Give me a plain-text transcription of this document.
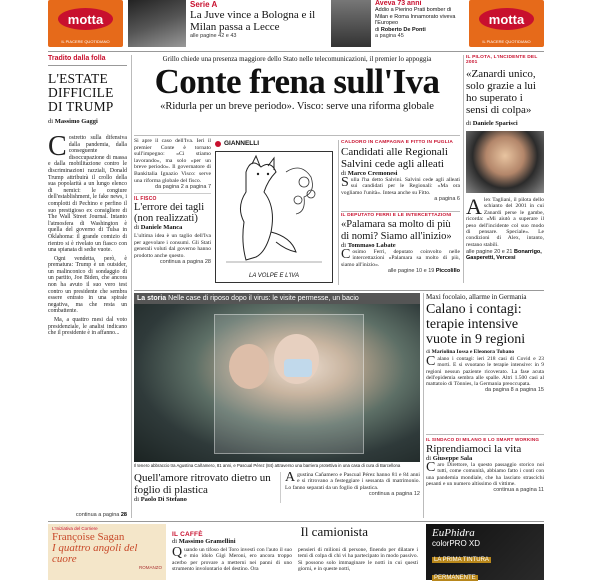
motta
IL PIACERE QUOTIDIANO
Serie A
La Juve vince a Bologna e il Milan passa a Lecce
alle pagine 42 e 43
Aveva 73 anni
Addio a Pierino Prati bomber di Milan e Roma Innamorato viveva l'Europeo
di Roberto De Ponti
a pagina 45
motta
IL PIACERE QUOTIDIANO
Tradito dalla folla
L'ESTATE DIFFICILE DI TRUMP
di Massimo Gaggi
Costretto sulla difensiva dalla pandemia, dalla conseguente disoccupazione di massa e dalla mobilitazione contro le discriminazioni razziali, Donald Trump attribuirà il crollo della sua popolarità a un lungo elenco di nemici: le congiure dell'establishment, le fake news, i complotti di Pechino e perfino il suo prestigioso ex consigliere di The Wall Street Journal. Intanto l'atmosfera di Washington è quella del governo di Tulsa in Oklahoma: il grande comizio di rientro si è rivelato un fiasco con una spianata di sedie vuote.
Ogni vendetta, però, è prematura: Trump è un outsider, un malinconico di sondaggio di un partito, Joe Biden, che ancora non ha avuto il suo vero test contro un presidente che sembra essere entrato in una spirale negativa, ma che resta un combattente.
Ma, a quattro mesi dal voto presidenziale, le analisi indicano che il presidente è in affanno...
continua a pagina 28
Grillo chiede una presenza maggiore dello Stato nelle telecomunicazioni, il premier lo appoggia
Conte frena sull'Iva
«Ridurla per un breve periodo». Visco: serve una riforma globale
IL PILOTA, L'INCIDENTE DEL 2001
«Zanardi unico, solo grazie a lui ho superato i sensi di colpa»
di Daniele Sparisci
Alex Tagliani, il pilota dello schianto del 2001 in cui Zanardi perse le gambe, ricorda: «Mi aiutò a superare il peso dell'incidente col suo modo di pensare. Speciale». Le condizioni di Alex, intanto, restano stabili.
alle pagine 20 e 21 Bonarrigo, Gasperetti, Vercesi
Si apre il caso dell'Iva. Ieri il premier Conte è tornato sull'impegno: «Ci stiamo lavorando», ma solo «per un breve periodo». Il governatore di Bankitalia Ignazio Visco: serve una riforma globale del fisco.
da pagina 2 a pagina 7
IL FISCO
L'errore dei tagli (non realizzati)
di Daniele Manca
L'ultima idea è un taglio dell'Iva per agevolare i consumi. Gli Stati generali voluti dal governo hanno prodotto anche questo.
continua a pagina 28
GIANNELLI
LA VOLPE E L'IVA
CALDORO IN CAMPAGNA E FITTO IN PUGLIA
Candidati alle Regionali Salvini cede agli alleati
di Marco Cremonesi
Sulla l'ha detto Salvini. Salvini cede agli alleati sui candidati per le Regionali: «Ma ora vogliamo l'unità». Intesa anche su Fitto.
a pagina 6
IL DEPUTATO FERRI E LE INTERCETTAZIONI
«Palamara sa molto di più di nomi? Siamo all'inizio»
di Tommaso Labate
Cosimo Ferri, deputato coinvolto nelle intercettazioni «Palamara sa molto di più, siamo all'inizio».
alle pagine 10 e 19 Piccolillo
La storia Nelle case di riposo dopo il virus: le visite permesse, un bacio
Il tenero abbraccio tra Agustina Cañamero, 81 anni, e Pascual Pérez (84) attraverso una barriera protettiva in una casa di cura di Barcellona
Quell'amore ritrovato dietro un foglio di plastica
di Paolo Di Stefano
Agustina Cañamero e Pascual Pérez hanno 81 e 84 anni e si ritrovano a festeggiare i sessanta di matrimonio. Lo fanno separati da un foglio di plastica.
continua a pagina 12
Maxi focolaio, allarme in Germania
Calano i contagi: terapie intensive vuote in 9 regioni
di Mariolina Iossa e Eleonora Tubano
Calano i contagi: ieri 218 casi di Covid e 23 morti. E si svuotano le terapie intensive: in 9 regioni nessun paziente ricoverato. La fase acuta dell'epidemia sembra alle spalle. Altri 1.500 casi al mattatoio di Tönnies, la Germania preoccupata.
da pagina 8 a pagina 15
IL SINDACO DI MILANO E LO SMART WORKING
Riprendiamoci la vita
di Giuseppe Sala
Caro Direttore, la questo passaggio storico noi tutti, come comunità, abbiamo fatto i conti con una pandemia mondiale, che ha lasciato strascichi pesanti e un numero altissimo di vittime.
continua a pagina 11
L'Iniziativa del Corriere
Françoise Sagan
I quattro angoli del cuore
ROMANZO
IL CAFFÈ
di Massimo Gramellini
Il camionista
Quando un tifoso del Toro investì con l'auto il suo e mio idolo Gigi Meroni, ero ancora troppo acerbo per provare a metterni nei panni di uno strumento involontario del destino. Ora
pensieri di milioni di persone, finendo per dilatare i temi di colpa di chi vi ha partecipato in modo passivo. Si possono solo immaginare le notti in cui questi giorni, e in queste notti,
EuPhidra
colorPRO XD
LA PRIMA TINTURA PERMANENTE
